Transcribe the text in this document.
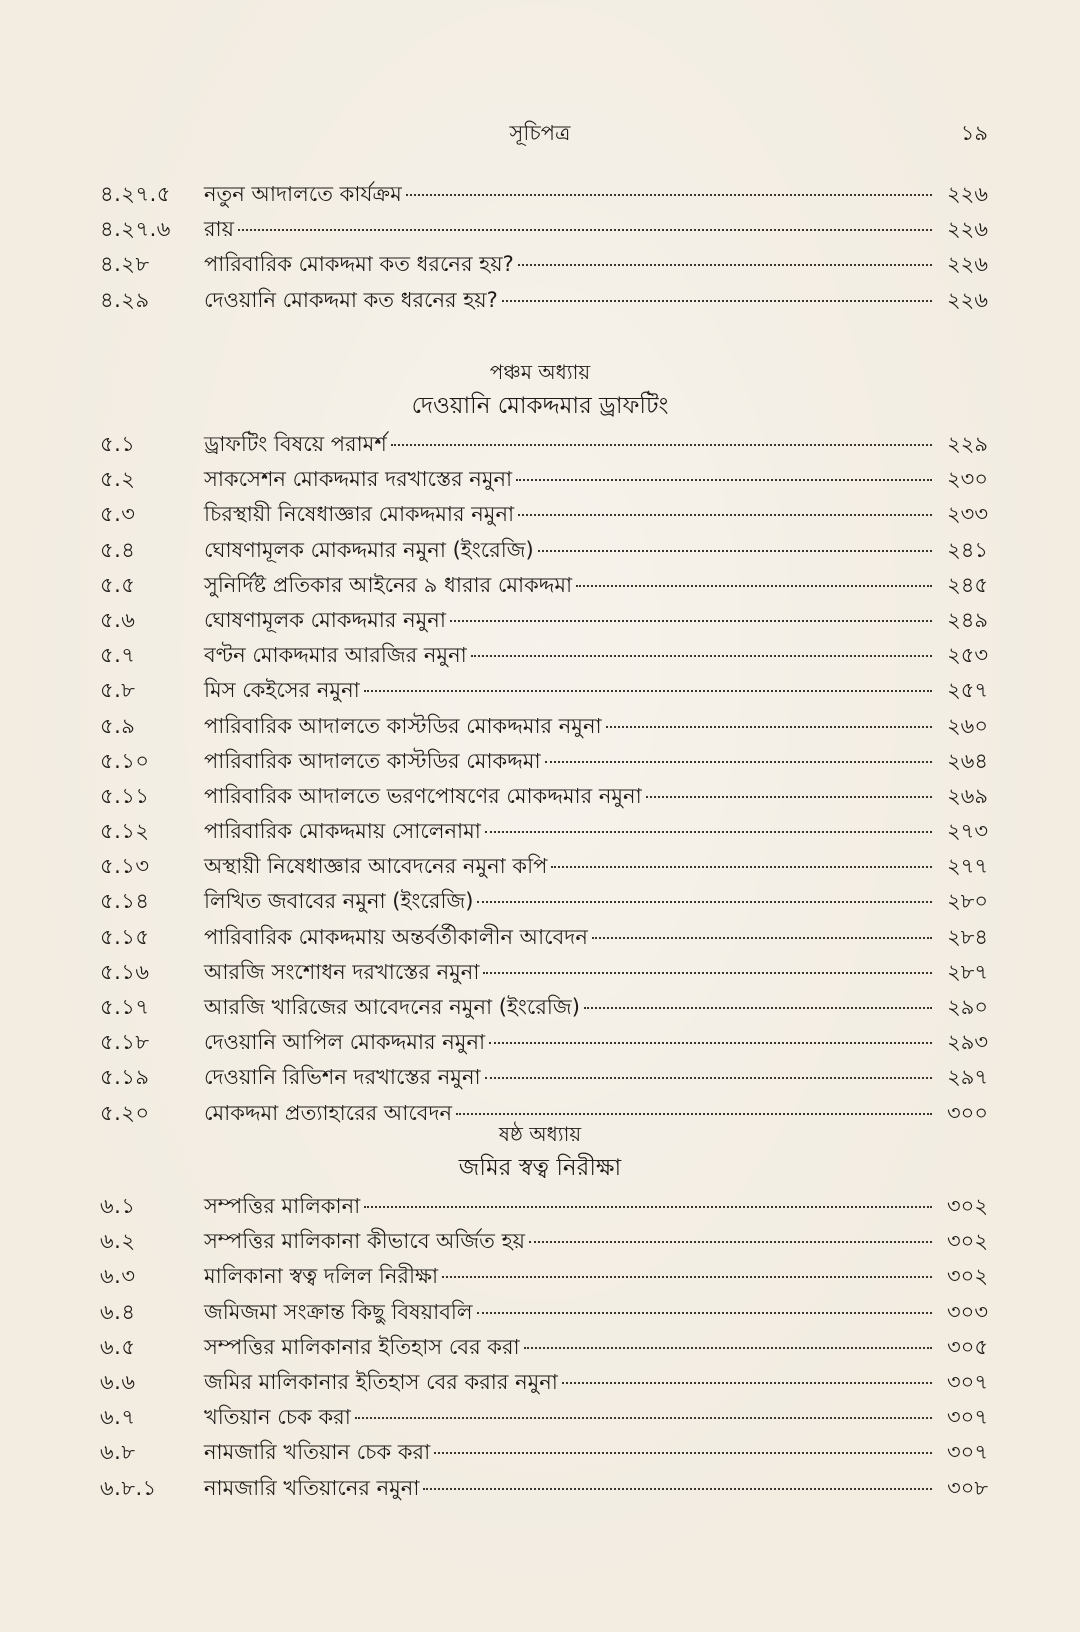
সূচিপত্র	১৯
৪.২৭.৫	নতুন আদালতে কার্যক্রম	২২৬
৪.২৭.৬	রায়	২২৬
৪.২৮	পারিবারিক মোকদ্দমা কত ধরনের হয়?	২২৬
৪.২৯	দেওয়ানি মোকদ্দমা কত ধরনের হয়?	২২৬
পঞ্চম অধ্যায়
দেওয়ানি মোকদ্দমার ড্রাফটিং
৫.১	ড্রাফটিং বিষয়ে পরামর্শ	২২৯
৫.২	সাকসেশন মোকদ্দমার দরখাস্তের নমুনা	২৩০
৫.৩	চিরস্থায়ী নিষেধাজ্ঞার মোকদ্দমার নমুনা	২৩৩
৫.৪	ঘোষণামূলক মোকদ্দমার নমুনা (ইংরেজি)	২৪১
৫.৫	সুনির্দিষ্ট প্রতিকার আইনের ৯ ধারার মোকদ্দমা	২৪৫
৫.৬	ঘোষণামূলক মোকদ্দমার নমুনা	২৪৯
৫.৭	বণ্টন মোকদ্দমার আরজির নমুনা	২৫৩
৫.৮	মিস কেইসের নমুনা	২৫৭
৫.৯	পারিবারিক আদালতে কাস্টডির মোকদ্দমার নমুনা	২৬০
৫.১০	পারিবারিক আদালতে কাস্টডির মোকদ্দমা	২৬৪
৫.১১	পারিবারিক আদালতে ভরণপোষণের মোকদ্দমার নমুনা	২৬৯
৫.১২	পারিবারিক মোকদ্দমায় সোলেনামা	২৭৩
৫.১৩	অস্থায়ী নিষেধাজ্ঞার আবেদনের নমুনা কপি	২৭৭
৫.১৪	লিখিত জবাবের নমুনা (ইংরেজি)	২৮০
৫.১৫	পারিবারিক মোকদ্দমায় অন্তর্বর্তীকালীন আবেদন	২৮৪
৫.১৬	আরজি সংশোধন দরখাস্তের নমুনা	২৮৭
৫.১৭	আরজি খারিজের আবেদনের নমুনা (ইংরেজি)	২৯০
৫.১৮	দেওয়ানি আপিল মোকদ্দমার নমুনা	২৯৩
৫.১৯	দেওয়ানি রিভিশন দরখাস্তের নমুনা	২৯৭
৫.২০	মোকদ্দমা প্রত্যাহারের আবেদন	৩০০
ষষ্ঠ অধ্যায়
জমির স্বত্ব নিরীক্ষা
৬.১	সম্পত্তির মালিকানা	৩০২
৬.২	সম্পত্তির মালিকানা কীভাবে অর্জিত হয়	৩০২
৬.৩	মালিকানা স্বত্ব দলিল নিরীক্ষা	৩০২
৬.৪	জমিজমা সংক্রান্ত কিছু বিষয়াবলি	৩০৩
৬.৫	সম্পত্তির মালিকানার ইতিহাস বের করা	৩০৫
৬.৬	জমির মালিকানার ইতিহাস বের করার নমুনা	৩০৭
৬.৭	খতিয়ান চেক করা	৩০৭
৬.৮	নামজারি খতিয়ান চেক করা	৩০৭
৬.৮.১	নামজারি খতিয়ানের নমুনা	৩০৮
